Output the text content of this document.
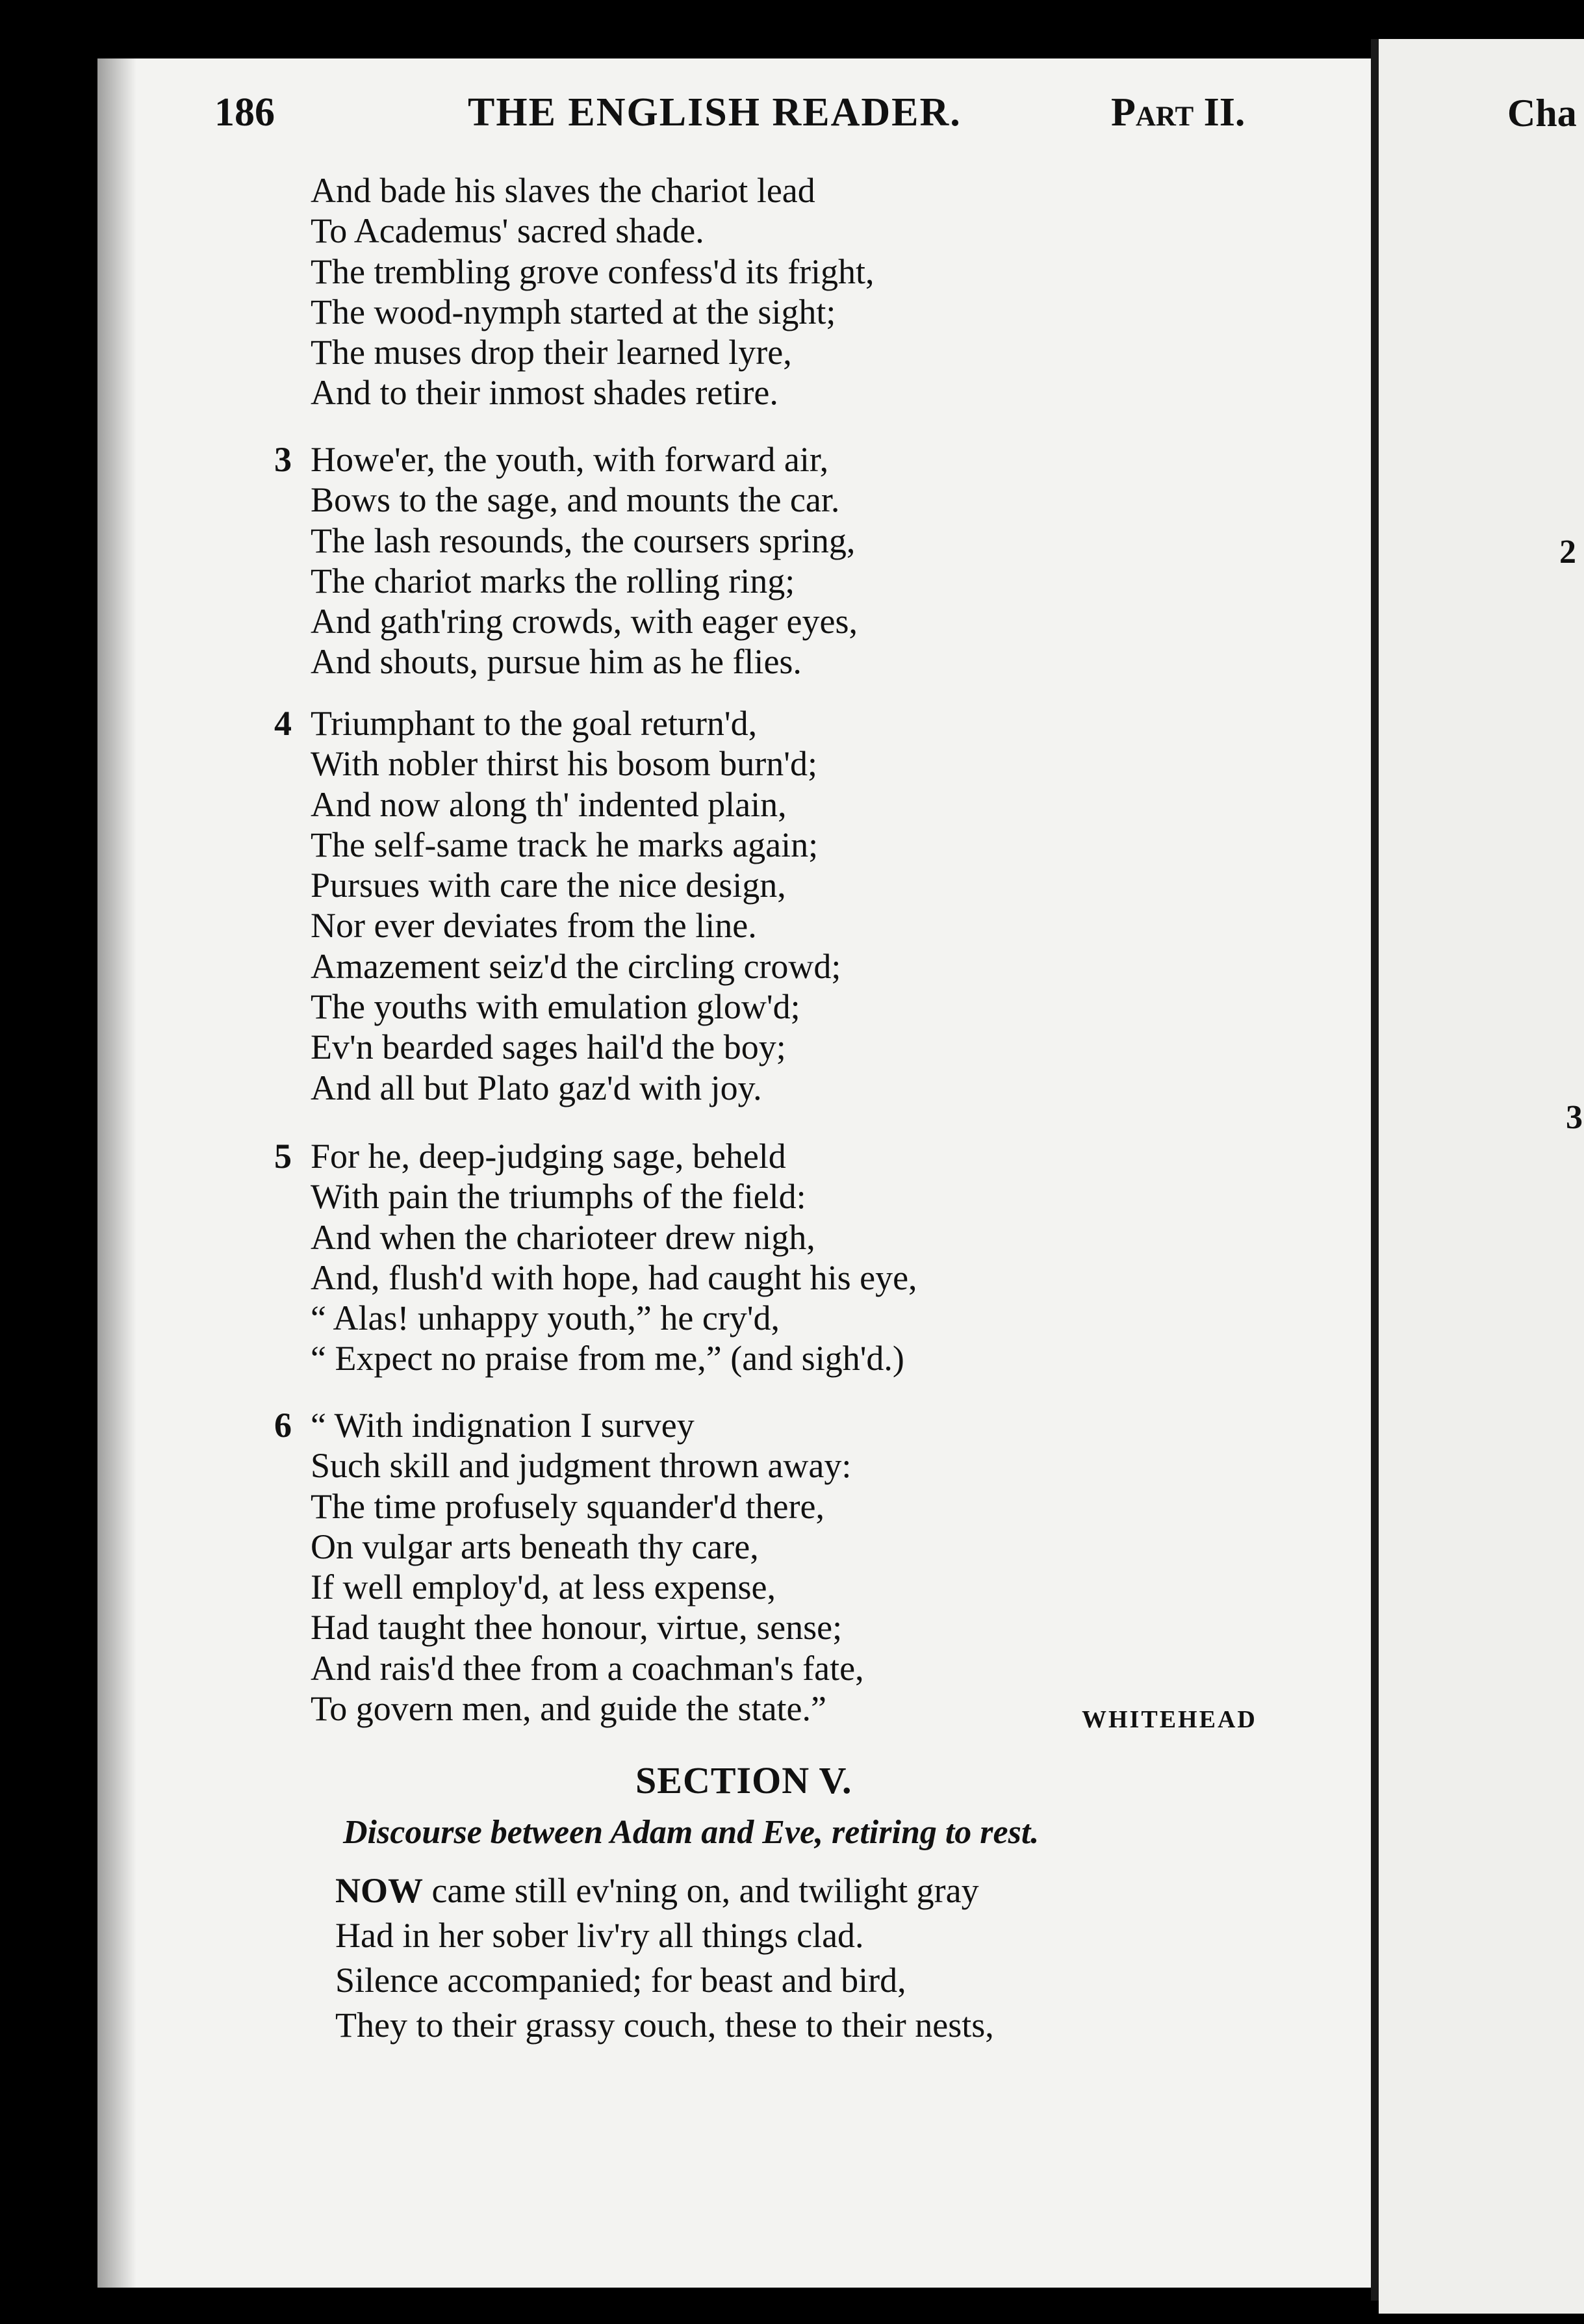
Cha
2
3
186	THE ENGLISH READER.	Part II.
And bade his slaves the chariot lead
To Academus' sacred shade.
The trembling grove confess'd its fright,
The wood-nymph started at the sight;
The muses drop their learned lyre,
And to their inmost shades retire.
3 Howe'er, the youth, with forward air,
Bows to the sage, and mounts the car.
The lash resounds, the coursers spring,
The chariot marks the rolling ring;
And gath'ring crowds, with eager eyes,
And shouts, pursue him as he flies.
4 Triumphant to the goal return'd,
With nobler thirst his bosom burn'd;
And now along th' indented plain,
The self-same track he marks again;
Pursues with care the nice design,
Nor ever deviates from the line.
Amazement seiz'd the circling crowd;
The youths with emulation glow'd;
Ev'n bearded sages hail'd the boy;
And all but Plato gaz'd with joy.
5 For he, deep-judging sage, beheld
With pain the triumphs of the field:
And when the charioteer drew nigh,
And, flush'd with hope, had caught his eye,
“ Alas! unhappy youth,” he cry'd,
“ Expect no praise from me,” (and sigh'd.)
6 “ With indignation I survey
Such skill and judgment thrown away:
The time profusely squander'd there,
On vulgar arts beneath thy care,
If well employ'd, at less expense,
Had taught thee honour, virtue, sense;
And rais'd thee from a coachman's fate,
To govern men, and guide the state.”	WHITEHEAD
SECTION V.
Discourse between Adam and Eve, retiring to rest.
NOW came still ev'ning on, and twilight gray
Had in her sober liv'ry all things clad.
Silence accompanied; for beast and bird,
They to their grassy couch, these to their nests,
